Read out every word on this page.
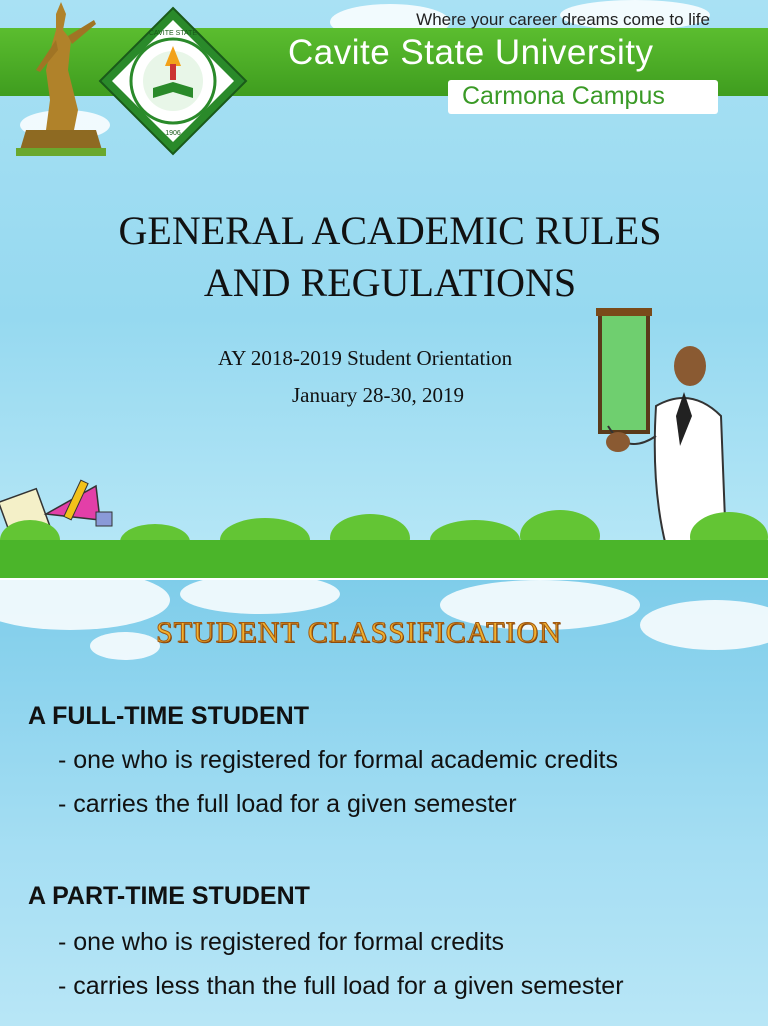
Where your career dreams come to life
Cavite State University
Carmona Campus
CAVITE STATE
1906
GENERAL ACADEMIC RULES
AND REGULATIONS
AY 2018-2019 Student Orientation
January 28-30, 2019
STUDENT CLASSIFICATION
A FULL-TIME STUDENT
- one who is registered for formal academic credits
- carries the full load for a given semester
A PART-TIME STUDENT
- one who is registered for formal credits
- carries less than the full load for a given semester
